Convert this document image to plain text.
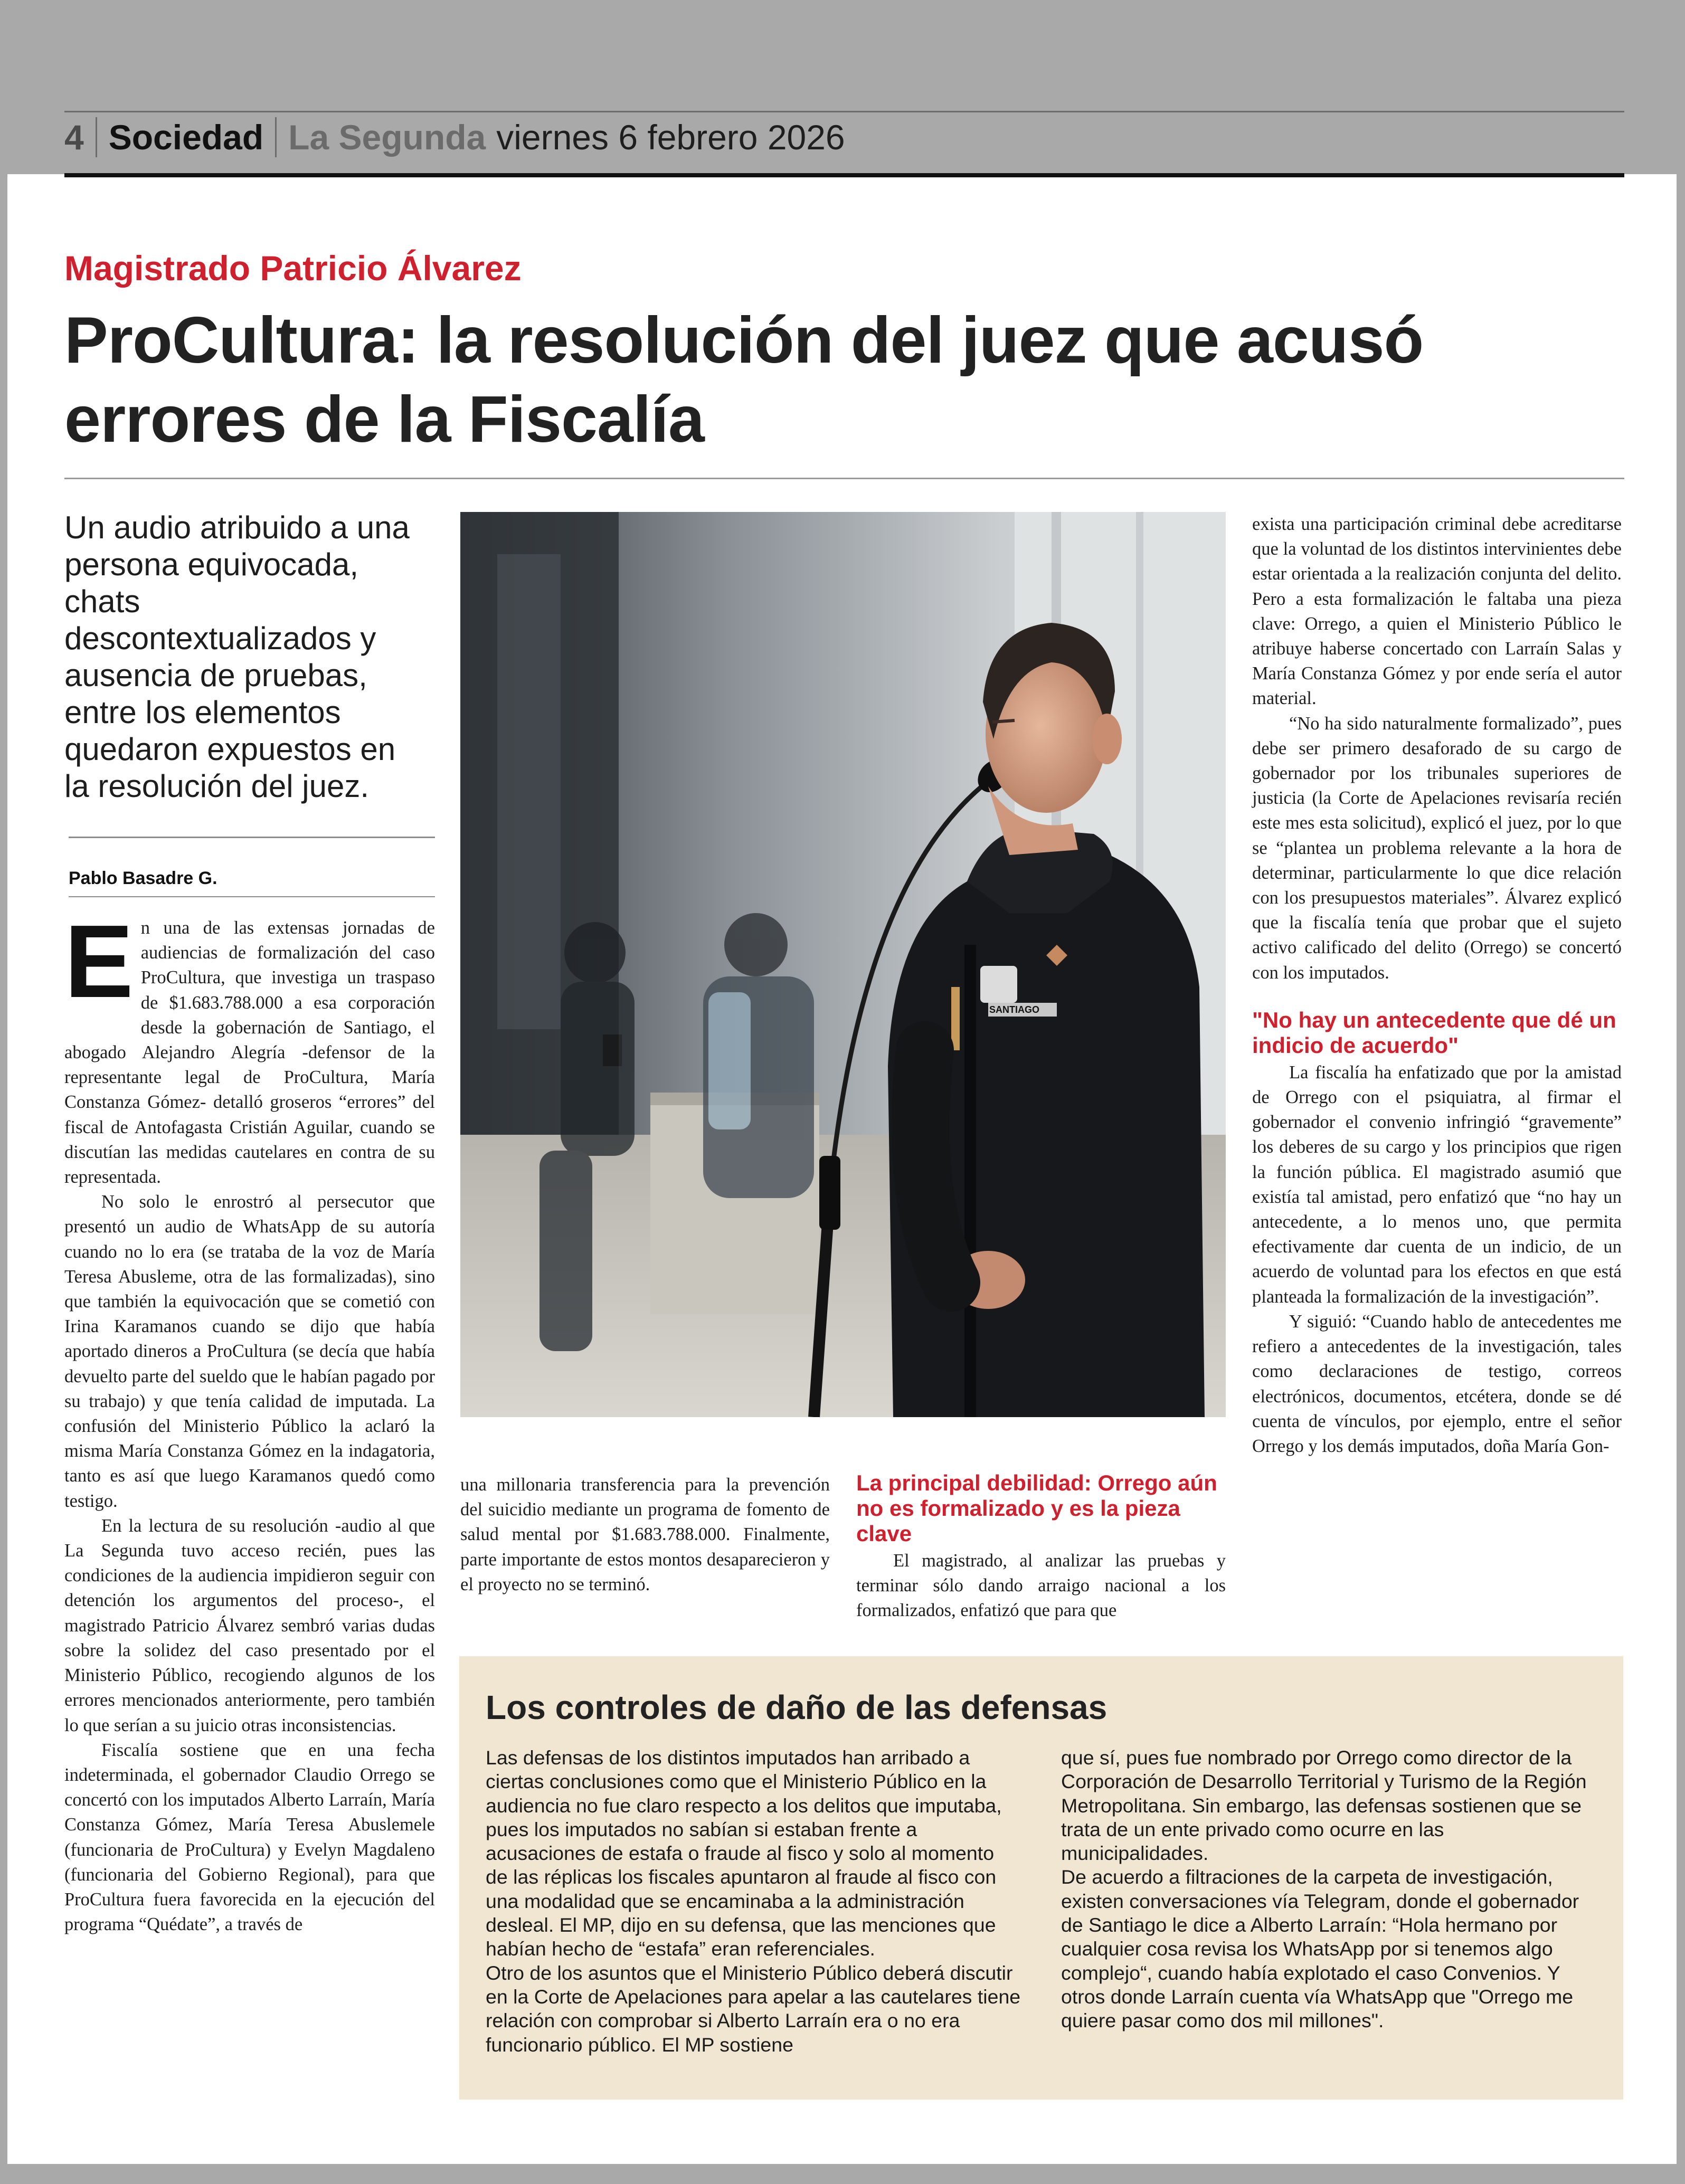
4 Sociedad La Segunda viernes 6 febrero 2026
Magistrado Patricio Álvarez
ProCultura: la resolución del juez que acusó errores de la Fiscalía
Un audio atribuido a una persona equivocada, chats descontextualizados y ausencia de pruebas, entre los elementos quedaron expuestos en la resolución del juez.
Pablo Basadre G.
E n una de las extensas jornadas de audiencias de formalización del caso ProCultura, que investiga un traspaso de $1.683.788.000 a esa corporación desde la gobernación de Santiago, el abogado Alejandro Alegría -defensor de la representante legal de ProCultura, María Constanza Gómez- detalló groseros “errores” del fiscal de Antofagasta Cristián Aguilar, cuando se discutían las medidas cautelares en contra de su representada.

No solo le enrostró al persecutor que presentó un audio de WhatsApp de su autoría cuando no lo era (se trataba de la voz de María Teresa Abusleme, otra de las formalizadas), sino que también la equivocación que se cometió con Irina Karamanos cuando se dijo que había aportado dineros a ProCultura (se decía que había devuelto parte del sueldo que le habían pagado por su trabajo) y que tenía calidad de imputada. La confusión del Ministerio Público la aclaró la misma María Constanza Gómez en la indagatoria, tanto es así que luego Karamanos quedó como testigo.

En la lectura de su resolución -audio al que La Segunda tuvo acceso recién, pues las condiciones de la audiencia impidieron seguir con detención los argumentos del proceso-, el magistrado Patricio Álvarez sembró varias dudas sobre la solidez del caso presentado por el Ministerio Público, recogiendo algunos de los errores mencionados anteriormente, pero también lo que serían a su juicio otras inconsistencias.

Fiscalía sostiene que en una fecha indeterminada, el gobernador Claudio Orrego se concertó con los imputados Alberto Larraín, María Constanza Gómez, María Teresa Abuslemele (funcionaria de ProCultura) y Evelyn Magdaleno (funcionaria del Gobierno Regional), para que ProCultura fuera favorecida en la ejecución del programa “Quédate”, a través de

SANTIAGO

una millonaria transferencia para la prevención del suicidio mediante un programa de fomento de salud mental por $1.683.788.000. Finalmente, parte importante de estos montos desaparecieron y el proyecto no se terminó.

La principal debilidad: Orrego aún no es formalizado y es la pieza clave

El magistrado, al analizar las pruebas y terminar sólo dando arraigo nacional a los formalizados, enfatizó que para que

exista una participación criminal debe acreditarse que la voluntad de los distintos intervinientes debe estar orientada a la realización conjunta del delito. Pero a esta formalización le faltaba una pieza clave: Orrego, a quien el Ministerio Público le atribuye haberse concertado con Larraín Salas y María Constanza Gómez y por ende sería el autor material.

“No ha sido naturalmente formalizado”, pues debe ser primero desaforado de su cargo de gobernador por los tribunales superiores de justicia (la Corte de Apelaciones revisaría recién este mes esta solicitud), explicó el juez, por lo que se “plantea un problema relevante a la hora de determinar, particularmente lo que dice relación con los presupuestos materiales”. Álvarez explicó que la fiscalía tenía que probar que el sujeto activo calificado del delito (Orrego) se concertó con los imputados.

"No hay un antecedente que dé un indicio de acuerdo"

La fiscalía ha enfatizado que por la amistad de Orrego con el psiquiatra, al firmar el gobernador el convenio infringió “gravemente” los deberes de su cargo y los principios que rigen la función pública. El magistrado asumió que existía tal amistad, pero enfatizó que “no hay un antecedente, a lo menos uno, que permita efectivamente dar cuenta de un indicio, de un acuerdo de voluntad para los efectos en que está planteada la formalización de la investigación”.

Y siguió: “Cuando hablo de antecedentes me refiero a antecedentes de la investigación, tales como declaraciones de testigo, correos electrónicos, documentos, etcétera, donde se dé cuenta de vínculos, por ejemplo, entre el señor Orrego y los demás imputados, doña María Gon-

Los controles de daño de las defensas

Las defensas de los distintos imputados han arribado a ciertas conclusiones como que el Ministerio Público en la audiencia no fue claro respecto a los delitos que imputaba, pues los imputados no sabían si estaban frente a acusaciones de estafa o fraude al fisco y solo al momento de las réplicas los fiscales apuntaron al fraude al fisco con una modalidad que se encaminaba a la administración desleal. El MP, dijo en su defensa, que las menciones que habían hecho de “estafa” eran referenciales.

Otro de los asuntos que el Ministerio Público deberá discutir en la Corte de Apelaciones para apelar a las cautelares tiene relación con comprobar si Alberto Larraín era o no era funcionario público. El MP sostiene

que sí, pues fue nombrado por Orrego como director de la Corporación de Desarrollo Territorial y Turismo de la Región Metropolitana. Sin embargo, las defensas sostienen que se trata de un ente privado como ocurre en las municipalidades.

De acuerdo a filtraciones de la carpeta de investigación, existen conversaciones vía Telegram, donde el gobernador de Santiago le dice a Alberto Larraín: “Hola hermano por cualquier cosa revisa los WhatsApp por si tenemos algo complejo“, cuando había explotado el caso Convenios. Y otros donde Larraín cuenta vía WhatsApp que "Orrego me quiere pasar como dos mil millones".
